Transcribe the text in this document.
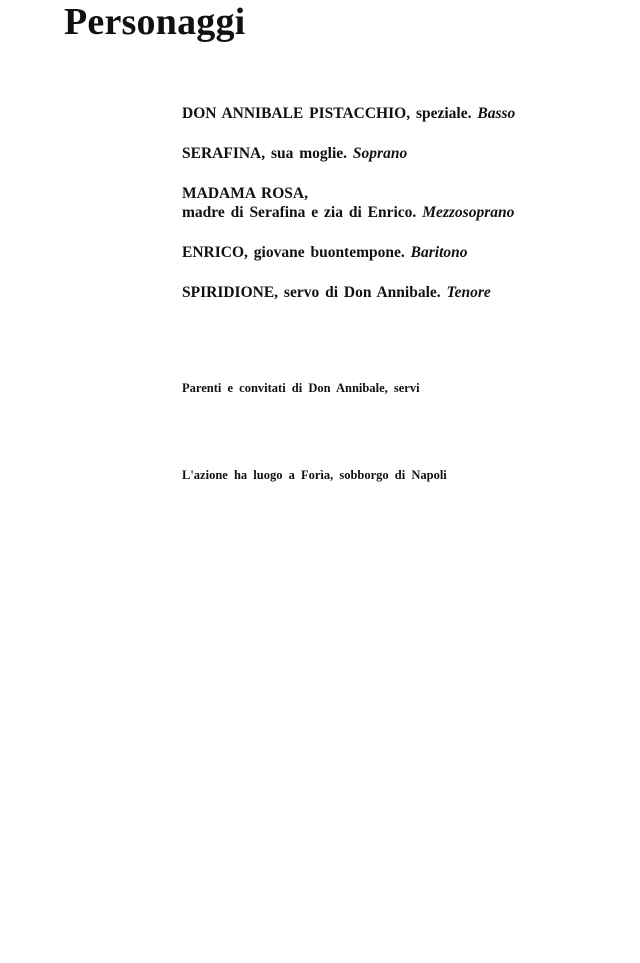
Personaggi
DON ANNIBALE PISTACCHIO, speziale. Basso
SERAFINA, sua moglie. Soprano
MADAMA ROSA,
madre di Serafina e zia di Enrico. Mezzosoprano
ENRICO, giovane buontempone. Baritono
SPIRIDIONE, servo di Don Annibale. Tenore
Parenti e convitati di Don Annibale, servi
L'azione ha luogo a Forìa, sobborgo di Napoli
